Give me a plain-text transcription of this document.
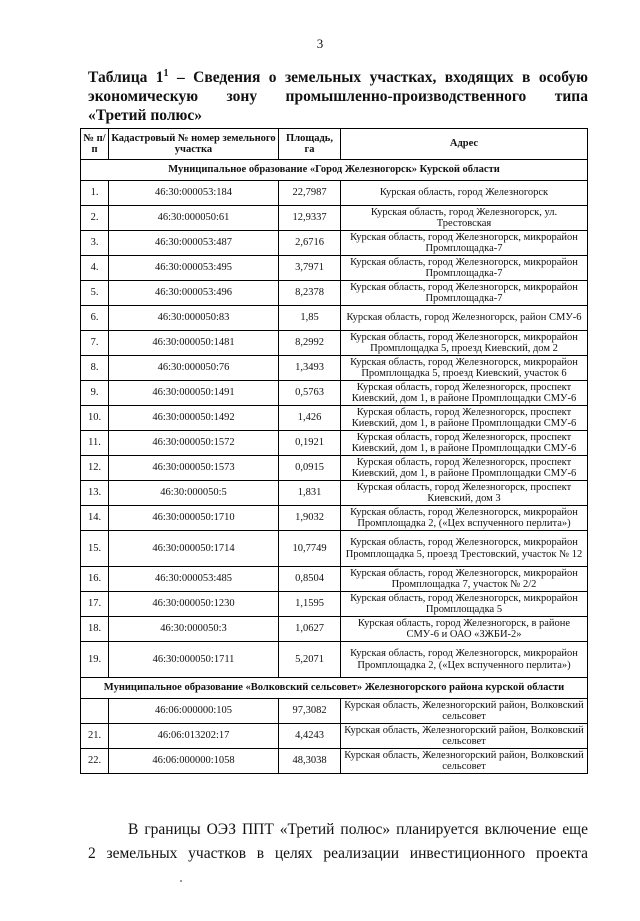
3
Таблица $1^1$ – Сведения о земельных участках, входящих в особую
экономическую зону промышленно-производственного типа
«Третий полюс»
№ п/п	Кадастровый № номер земельного участка	Площадь, га	Адрес
Муниципальное образование «Город Железногорск» Курской области			
1.	46:30:000053:184	22,7987	Курская область, город Железногорск
2.	46:30:000050:61	12,9337	Курская область, город Железногорск, ул. Трестовская
3.	46:30:000053:487	2,6716	Курская область, город Железногорск, микрорайон Промплощадка-7
4.	46:30:000053:495	3,7971	Курская область, город Железногорск, микрорайон Промплощадка-7
5.	46:30:000053:496	8,2378	Курская область, город Железногорск, микрорайон Промплощадка-7
6.	46:30:000050:83	1,85	Курская область, город Железногорск, район СМУ-6
7.	46:30:000050:1481	8,2992	Курская область, город Железногорск, микрорайон Промплощадка 5, проезд Киевский, дом 2
8.	46:30:000050:76	1,3493	Курская область, город Железногорск, микрорайон Промплощадка 5, проезд Киевский, участок 6
9.	46:30:000050:1491	0,5763	Курская область, город Железногорск, проспект Киевский, дом 1, в районе Промплощадки СМУ-6
10.	46:30:000050:1492	1,426	Курская область, город Железногорск, проспект Киевский, дом 1, в районе Промплощадки СМУ-6
11.	46:30:000050:1572	0,1921	Курская область, город Железногорск, проспект Киевский, дом 1, в районе Промплощадки СМУ-6
12.	46:30:000050:1573	0,0915	Курская область, город Железногорск, проспект Киевский, дом 1, в районе Промплощадки СМУ-6
13.	46:30:000050:5	1,831	Курская область, город Железногорск, проспект Киевский, дом 3
14.	46:30:000050:1710	1,9032	Курская область, город Железногорск, микрорайон Промплощадка 2, («Цех вспученного перлита»)
15.	46:30:000050:1714	10,7749	Курская область, город Железногорск, микрорайон Промплощадка 5, проезд Трестовский, участок № 12
16.	46:30:000053:485	0,8504	Курская область, город Железногорск, микрорайон Промплощадка 7, участок № 2/2
17.	46:30:000050:1230	1,1595	Курская область, город Железногорск, микрорайон Промплощадка 5
18.	46:30:000050:3	1,0627	Курская область, город Железногорск, в районе СМУ-6 и ОАО «ЗЖБИ-2»
19.	46:30:000050:1711	5,2071	Курская область, город Железногорск, микрорайон Промплощадка 2, («Цех вспученного перлита»)
Муниципальное образование «Волковский сельсовет» Железногорского района курской области			
	46:06:000000:105	97,3082	Курская область, Железногорский район, Волковский сельсовет
21.	46:06:013202:17	4,4243	Курская область, Железногорский район, Волковский сельсовет
22.	46:06:000000:1058	48,3038	Курская область, Железногорский район, Волковский сельсовет
В границы ОЭЗ ППТ «Третий полюс» планируется включение еще
2 земельных участков в целях реализации инвестиционного проекта
